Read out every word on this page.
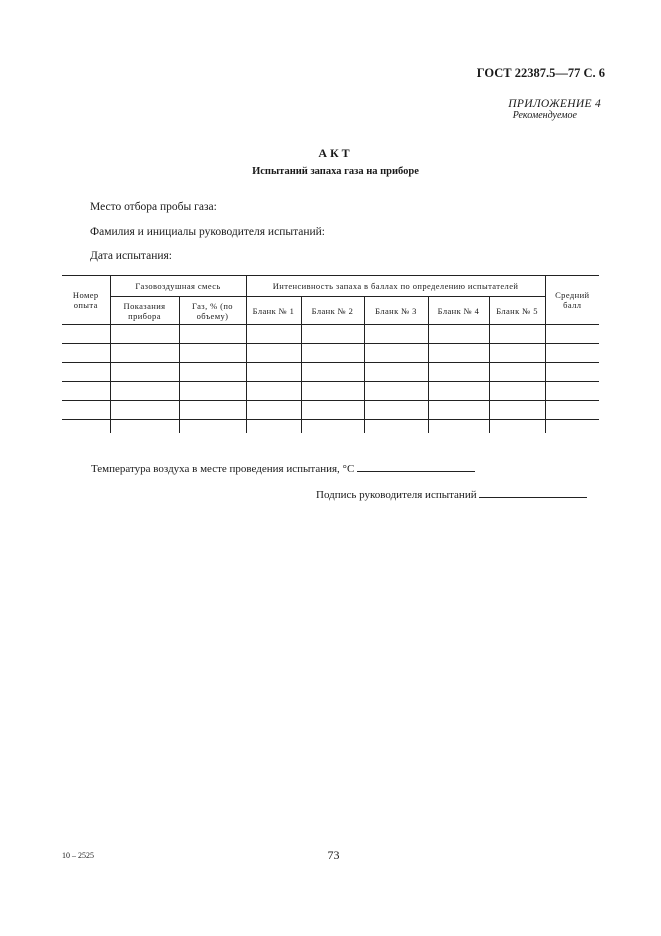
ГОСТ 22387.5—77 С. 6
ПРИЛОЖЕНИЕ 4
Рекомендуемое
АКТ
Испытаний запаха газа на приборе
Место отбора пробы газа:
Фамилия и инициалы руководителя испытаний:
Дата испытания:
Номер опыта	Газовоздушная смесь		Интенсивность запаха в баллах по определению испытателей					Средний балл
	Показания прибора	Газ, % (по объему)	Бланк № 1	Бланк № 2	Бланк № 3	Бланк № 4	Бланк № 5	

Температура воздуха в месте проведения испытания, °C
Подпись руководителя испытаний
73
10 – 2525
